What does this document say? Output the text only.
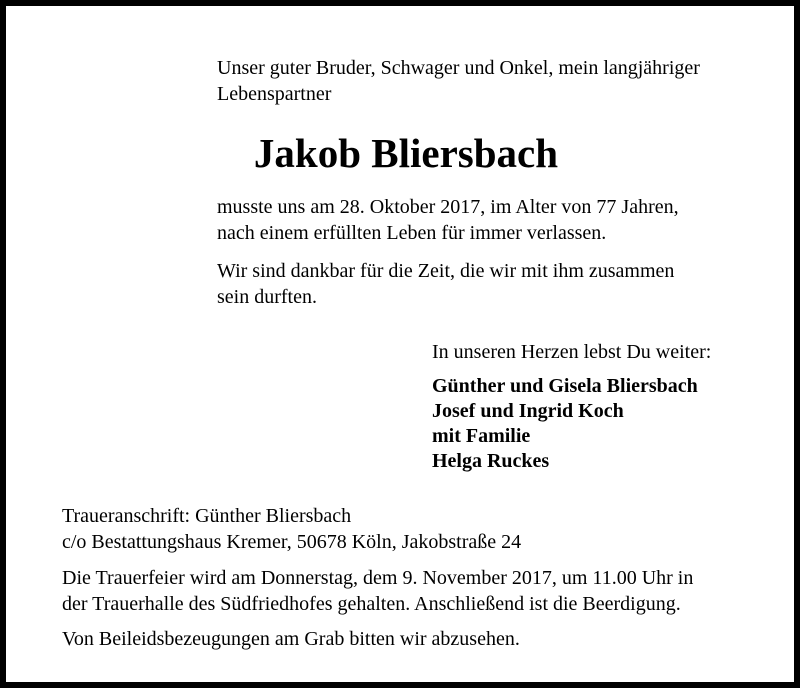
Unser guter Bruder, Schwager und Onkel, mein langjähriger
Lebenspartner
Jakob Bliersbach
musste uns am 28. Oktober 2017, im Alter von 77 Jahren,
nach einem erfüllten Leben für immer verlassen.
Wir sind dankbar für die Zeit, die wir mit ihm zusammen
sein durften.
In unseren Herzen lebst Du weiter:
Günther und Gisela Bliersbach
Josef und Ingrid Koch
mit Familie
Helga Ruckes
Traueranschrift: Günther Bliersbach
c/o Bestattungshaus Kremer, 50678 Köln, Jakobstraße 24
Die Trauerfeier wird am Donnerstag, dem 9. November 2017, um 11.00 Uhr in
der Trauerhalle des Südfriedhofes gehalten. Anschließend ist die Beerdigung.
Von Beileidsbezeugungen am Grab bitten wir abzusehen.
